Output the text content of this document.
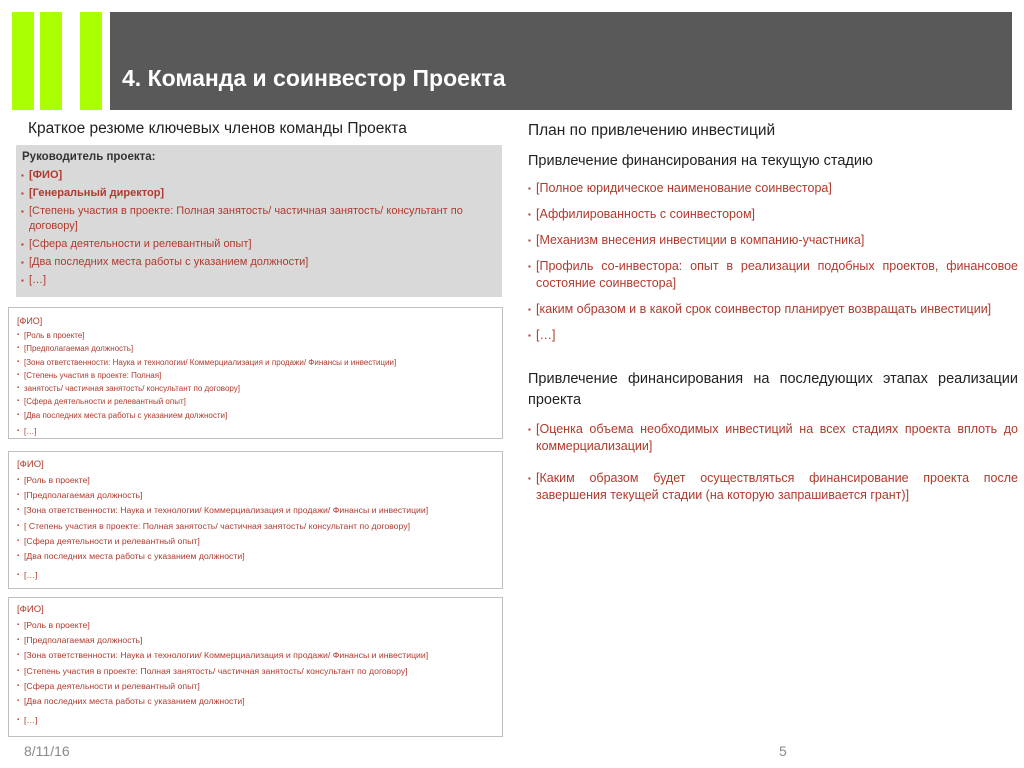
4. Команда и соинвестор Проекта
Краткое резюме ключевых членов команды Проекта
Руководитель проекта:
▪ [ФИО]
▪ [Генеральный директор]
▪ [Степень участия в проекте: Полная занятость/ частичная занятость/ консультант по договору]
▪ [Сфера деятельности и релевантный опыт]
▪ [Два последних места работы с указанием должности]
▪ […]
[ФИО]
▪ [Роль в проекте]
▪ [Предполагаемая должность]
▪ [Зона ответственности: Наука и технологии/ Коммерциализация и продажи/ Финансы и инвестиции]
▪ [Степень участия в проекте: Полная]
▪ занятость/ частичная занятость/ консультант по договору]
▪ [Сфера деятельности и релевантный опыт]
▪ [Два последних места работы с указанием должности]
▪ […]
[ФИО]
▪ [Роль в проекте]
▪ [Предполагаемая должность]
▪ [Зона ответственности: Наука и технологии/ Коммерциализация и продажи/ Финансы и инвестиции]
▪ [ Степень участия в проекте: Полная занятость/ частичная занятость/ консультант по договору]
▪ [Сфера деятельности и релевантный опыт]
▪ [Два последних места работы с указанием должности]
▪ […]
[ФИО]
▪ [Роль в проекте]
▪ [Предполагаемая должность]
▪ [Зона ответственности: Наука и технологии/ Коммерциализация и продажи/ Финансы и инвестиции]
▪ [Степень участия в проекте: Полная занятость/ частичная занятость/ консультант по договору]
▪ [Сфера деятельности и релевантный опыт]
▪ [Два последних места работы с указанием должности]
▪ […]
План по привлечению инвестиций
Привлечение финансирования на текущую стадию
▪ [Полное юридическое наименование соинвестора]
▪ [Аффилированность с соинвестором]
▪ [Механизм внесения инвестиции в компанию-участника]
▪ [Профиль со-инвестора: опыт в реализации подобных проектов, финансовое состояние соинвестора]
▪ [каким образом и в какой срок соинвестор планирует возвращать инвестиции]
▪ […]
Привлечение финансирования на последующих этапах реализации проекта
▪ [Оценка объема необходимых инвестиций на всех стадиях проекта вплоть до коммерциализации]
▪ [Каким образом будет осуществляться финансирование проекта после завершения текущей стадии (на которую запрашивается грант)]
8/11/16	5
